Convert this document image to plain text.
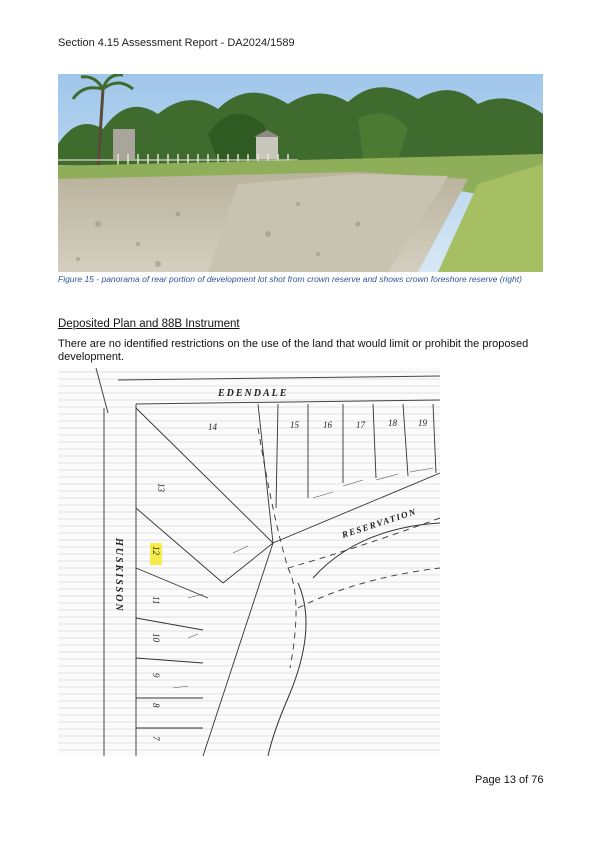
Section 4.15 Assessment Report - DA2024/1589
Figure 15 - panorama of rear portion of development lot shot from crown reserve and shows crown foreshore reserve (right)
Deposited Plan and 88B Instrument
There are no identified restrictions on the use of the land that would limit or prohibit the proposed development.
EDENDALE
HUSKISSON
RESERVATION
14	15	16	17	18 19
13
12
11
10
9
8
7
Page 13 of 76
